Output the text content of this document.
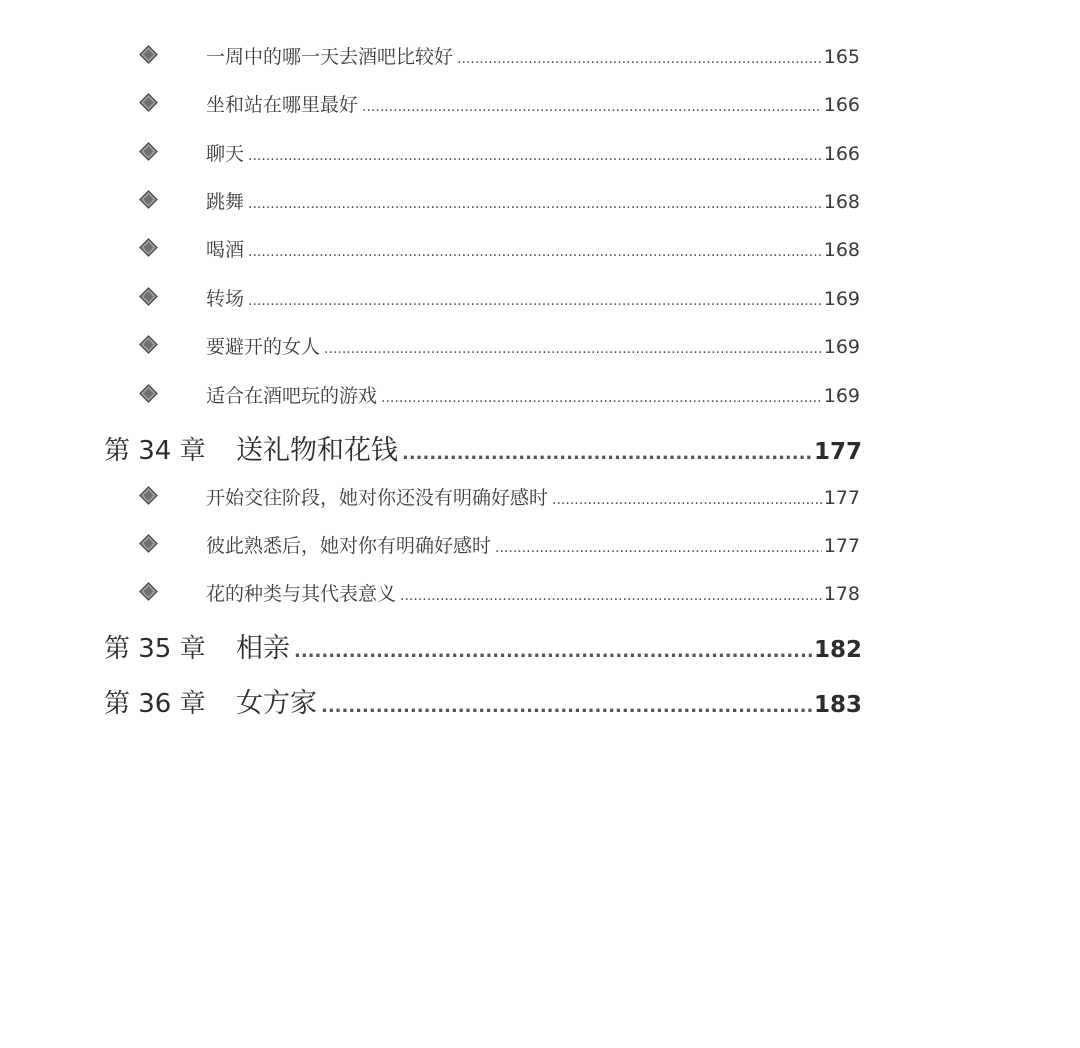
一周中的哪一天去酒吧比较好 .....	165
坐和站在哪里最好 .....	166
聊天 .....	166
跳舞 .....	168
喝酒 .....	168
转场 .....	169
要避开的女人 .....	169
适合在酒吧玩的游戏 .....	169
第 34 章	送礼物和花钱 .....	177
开始交往阶段，她对你还没有明确好感时 .....	177
彼此熟悉后，她对你有明确好感时 .....	177
花的种类与其代表意义 .....	178
第 35 章	相亲 .....	182
第 36 章	女方家 .....	183
